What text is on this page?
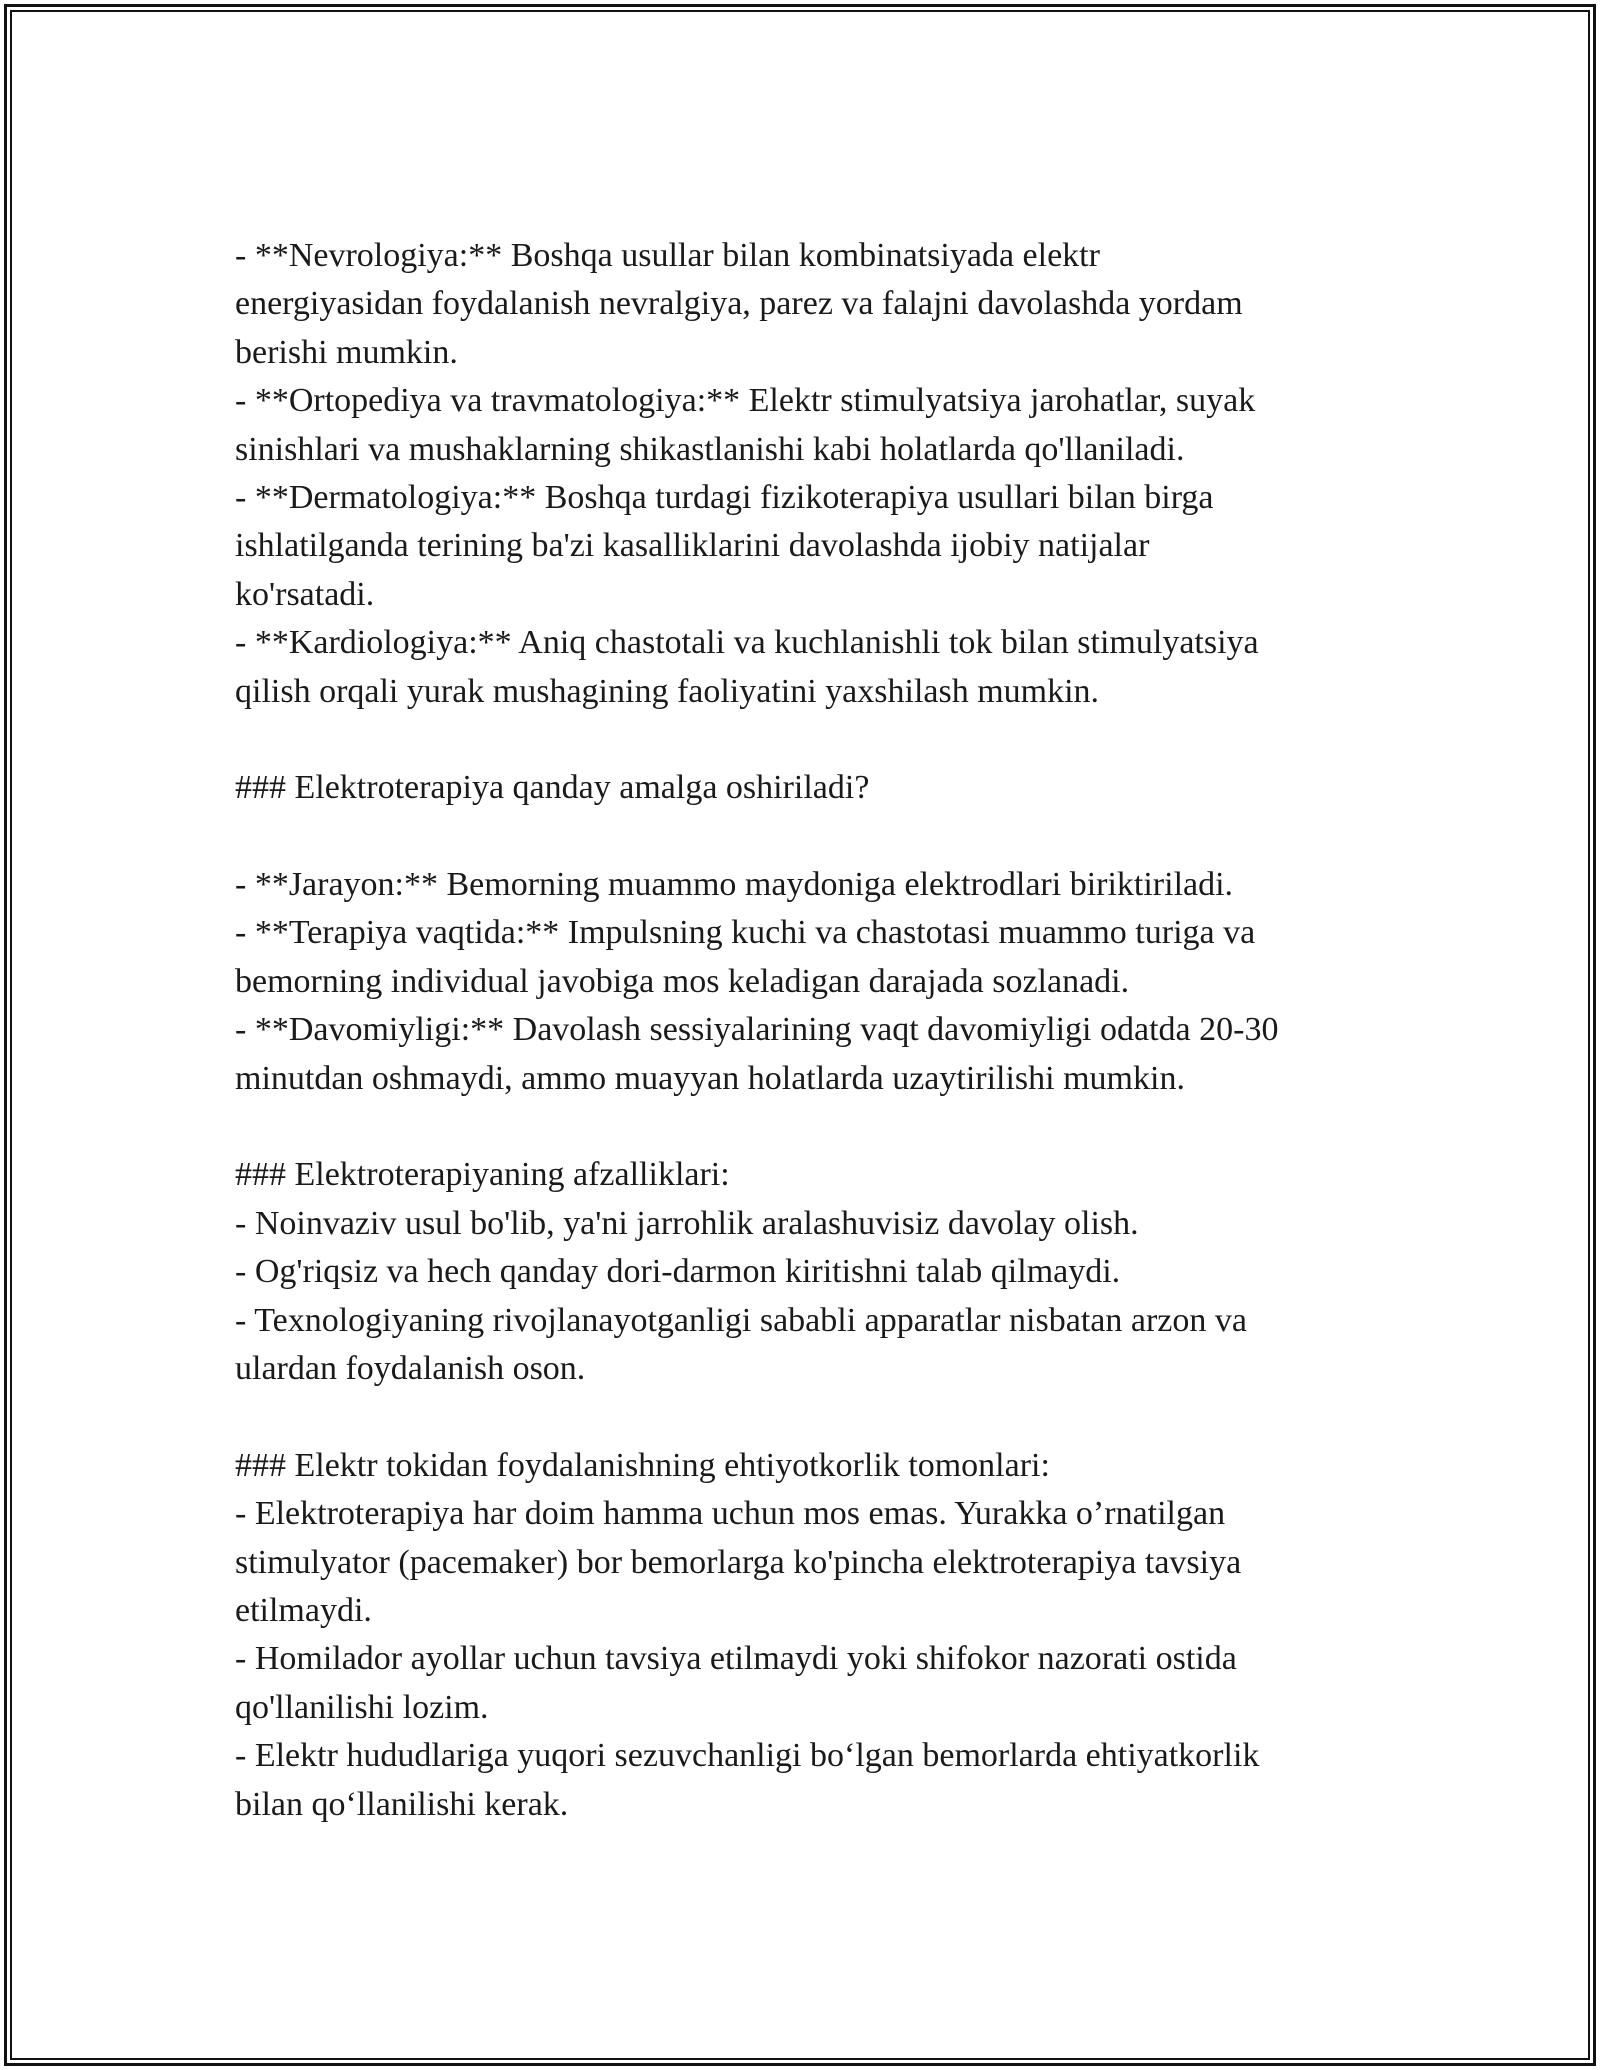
- **Nevrologiya:** Boshqa usullar bilan kombinatsiyada elektr
energiyasidan foydalanish nevralgiya, parez va falajni davolashda yordam
berishi mumkin.
- **Ortopediya va travmatologiya:** Elektr stimulyatsiya jarohatlar, suyak
sinishlari va mushaklarning shikastlanishi kabi holatlarda qo'llaniladi.
- **Dermatologiya:** Boshqa turdagi fizikoterapiya usullari bilan birga
ishlatilganda terining ba'zi kasalliklarini davolashda ijobiy natijalar
ko'rsatadi.
- **Kardiologiya:** Aniq chastotali va kuchlanishli tok bilan stimulyatsiya
qilish orqali yurak mushagining faoliyatini yaxshilash mumkin.
### Elektroterapiya qanday amalga oshiriladi?
- **Jarayon:** Bemorning muammo maydoniga elektrodlari biriktiriladi.
- **Terapiya vaqtida:** Impulsning kuchi va chastotasi muammo turiga va
bemorning individual javobiga mos keladigan darajada sozlanadi.
- **Davomiyligi:** Davolash sessiyalarining vaqt davomiyligi odatda 20-30
minutdan oshmaydi, ammo muayyan holatlarda uzaytirilishi mumkin.
### Elektroterapiyaning afzalliklari:
- Noinvaziv usul bo'lib, ya'ni jarrohlik aralashuvisiz davolay olish.
- Og'riqsiz va hech qanday dori-darmon kiritishni talab qilmaydi.
- Texnologiyaning rivojlanayotganligi sababli apparatlar nisbatan arzon va
ulardan foydalanish oson.
### Elektr tokidan foydalanishning ehtiyotkorlik tomonlari:
- Elektroterapiya har doim hamma uchun mos emas. Yurakka o’rnatilgan
stimulyator (pacemaker) bor bemorlarga ko'pincha elektroterapiya tavsiya
etilmaydi.
- Homilador ayollar uchun tavsiya etilmaydi yoki shifokor nazorati ostida
qo'llanilishi lozim.
- Elektr hududlariga yuqori sezuvchanligi bo‘lgan bemorlarda ehtiyatkorlik
bilan qo‘llanilishi kerak.
